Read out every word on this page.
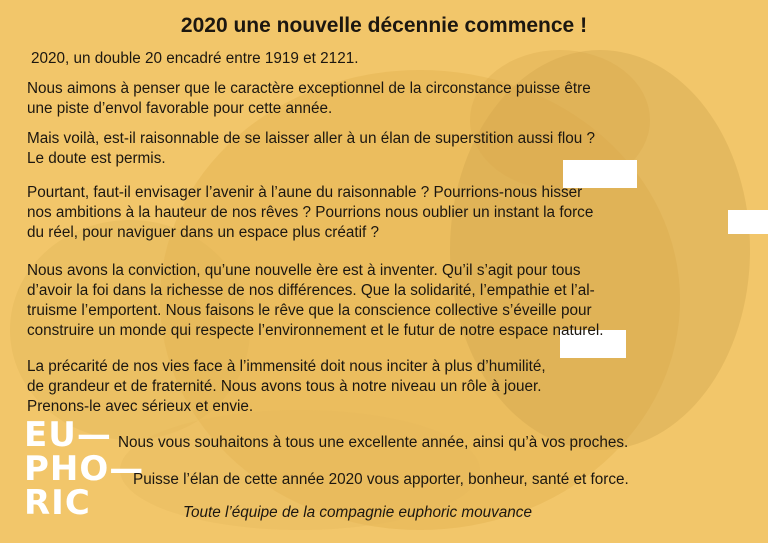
2020 une nouvelle décennie commence !
2020, un double 20 encadré entre 1919 et 2121.
Nous aimons à penser que le caractère exceptionnel de la circonstance puisse être
une piste d’envol favorable pour cette année.
Mais voilà, est-il raisonnable de se laisser aller à un élan de superstition aussi flou ?
Le doute est permis.
Pourtant, faut-il envisager l’avenir à l’aune du raisonnable ? Pourrions-nous hisser
nos ambitions à la hauteur de nos rêves ? Pourrions nous oublier un instant la force
du réel, pour naviguer dans un espace plus créatif ?
Nous avons la conviction, qu’une nouvelle ère est à inventer. Qu’il s’agit pour tous
d’avoir la foi dans la richesse de nos différences. Que la solidarité, l’empathie et l’al-
truisme l’emportent. Nous faisons le rêve que la conscience collective s’éveille pour
construire un monde qui respecte l’environnement et le futur de notre espace naturel.
La précarité de nos vies face à l’immensité doit nous inciter à plus d’humilité,
de grandeur et de fraternité. Nous avons tous à notre niveau un rôle à jouer.
Prenons-le avec sérieux et envie.
EU—
PHO—
RIC
Nous vous souhaitons à tous une excellente année, ainsi qu’à vos proches.
Puisse l’élan de cette année 2020 vous apporter, bonheur, santé et force.
Toute l’équipe de la compagnie euphoric mouvance
